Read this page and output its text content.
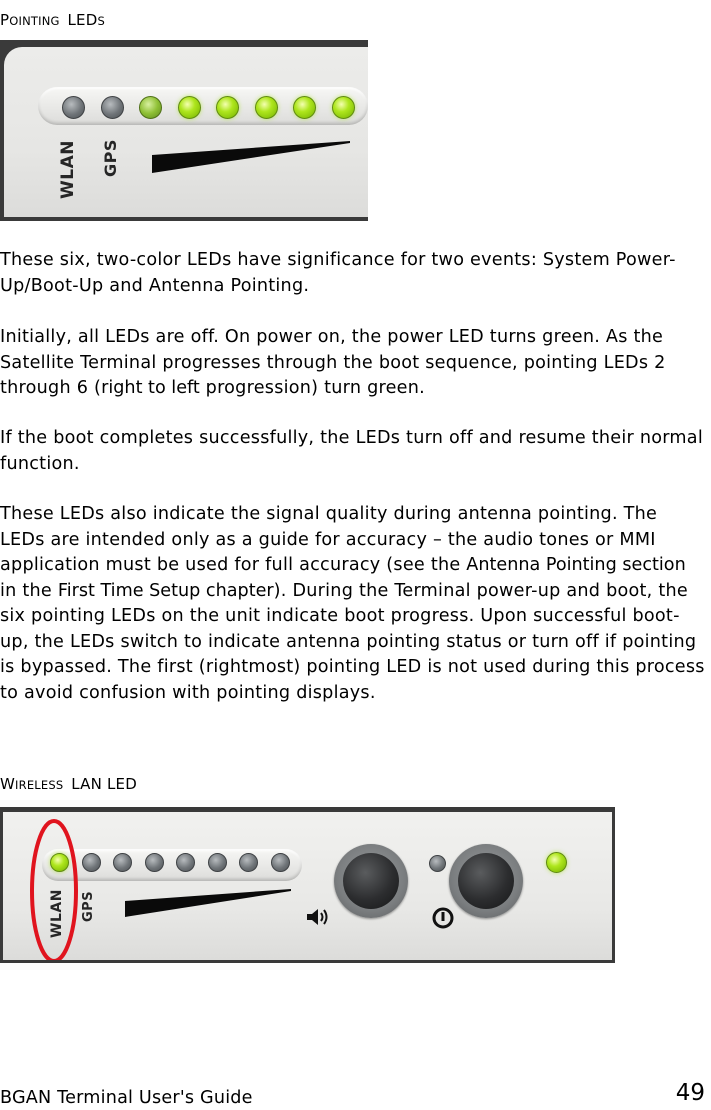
POINTING LEDS
WLAN GPS

These six, two-color LEDs have significance for two events: System Power-Up/Boot-Up and Antenna Pointing.

Initially, all LEDs are off. On power on, the power LED turns green. As the Satellite Terminal progresses through the boot sequence, pointing LEDs 2 through 6 (right to left progression) turn green.

If the boot completes successfully, the LEDs turn off and resume their normal function.

These LEDs also indicate the signal quality during antenna pointing. The LEDs are intended only as a guide for accuracy – the audio tones or MMI application must be used for full accuracy (see the Antenna Pointing section in the First Time Setup chapter). During the Terminal power-up and boot, the six pointing LEDs on the unit indicate boot progress. Upon successful boot-up, the LEDs switch to indicate antenna pointing status or turn off if pointing is bypassed. The first (rightmost) pointing LED is not used during this process to avoid confusion with pointing displays.

WIRELESS LAN LED
WLAN GPS
BGAN Terminal User's Guide	49
